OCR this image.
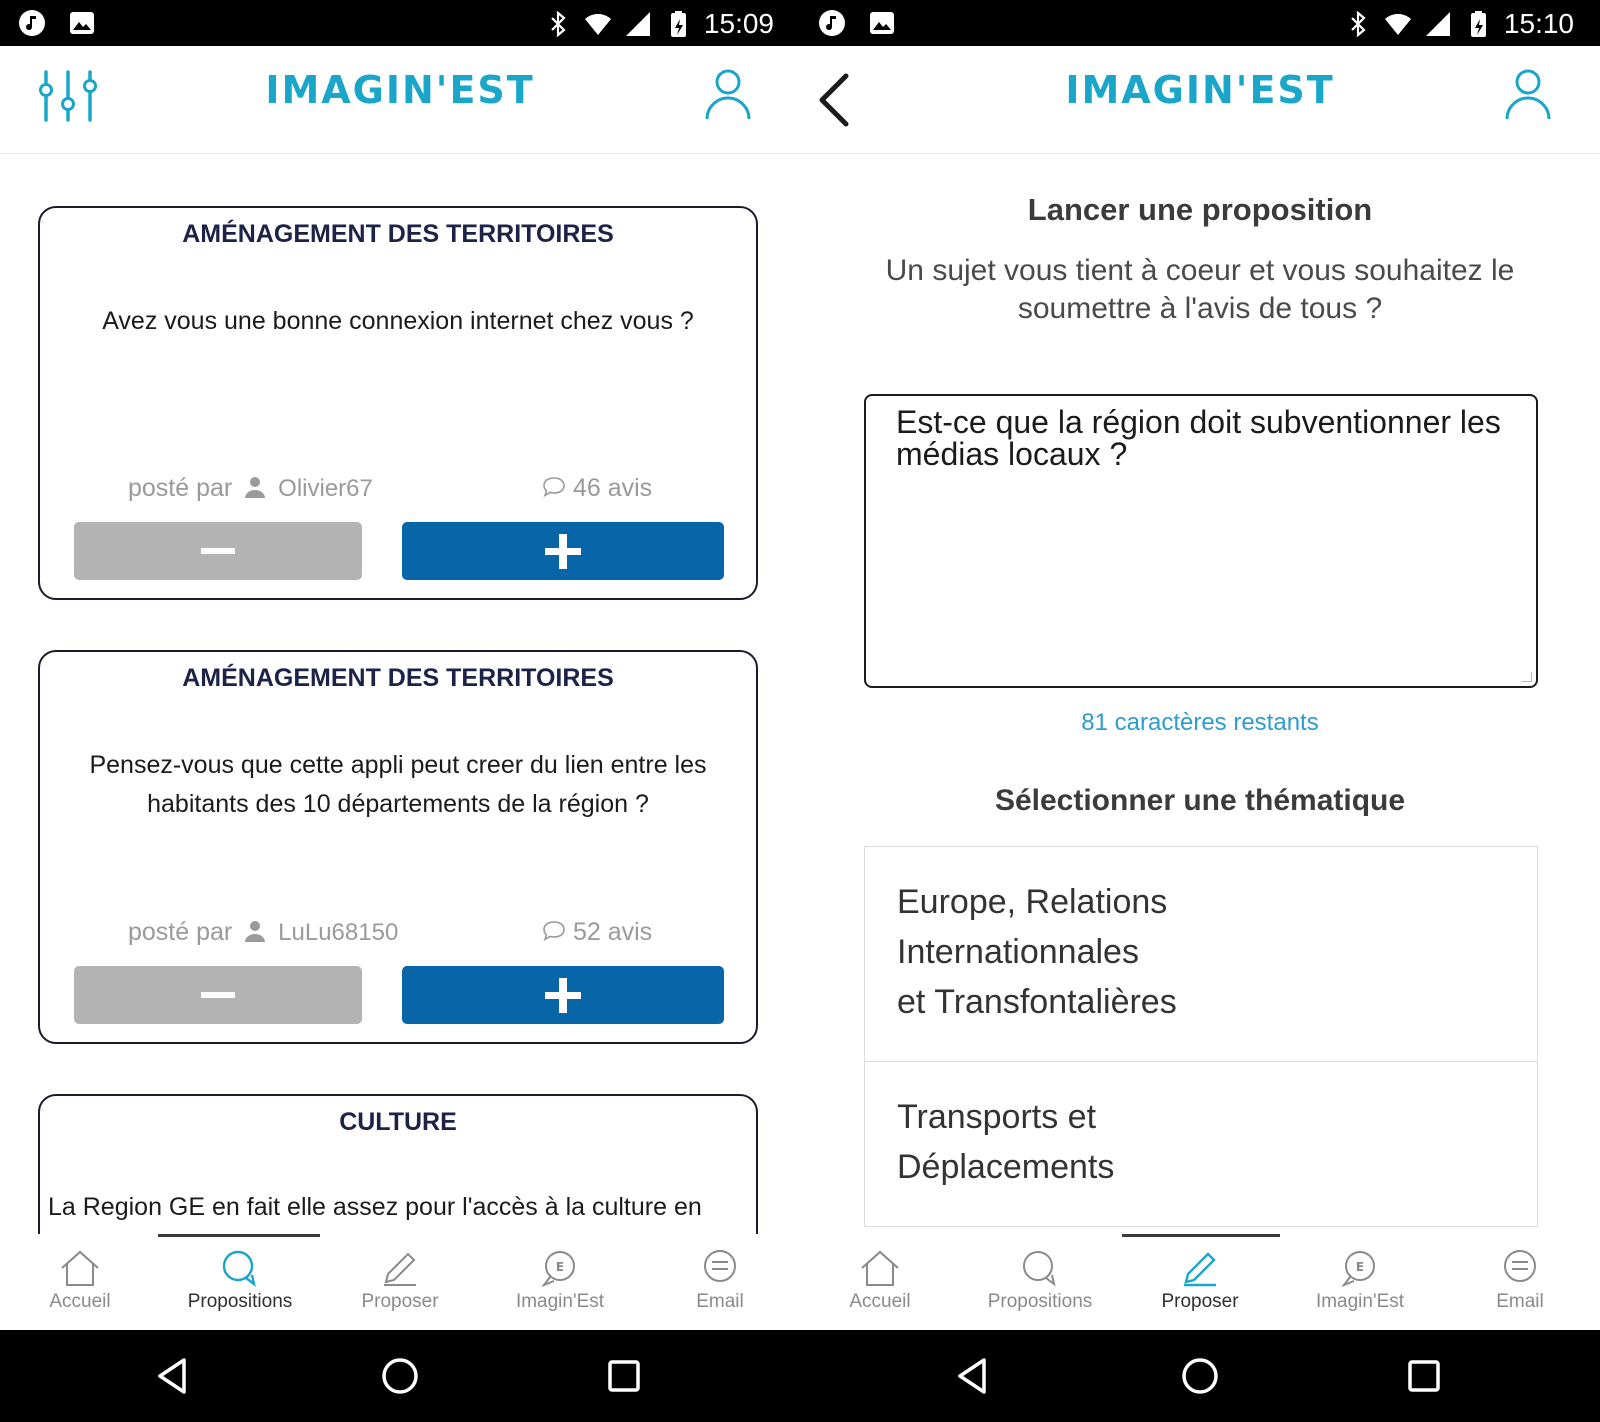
15:09
IMAGIN'EST
AMÉNAGEMENT DES TERRITOIRES
Avez vous une bonne connexion internet chez vous ?
posté par Olivier67	46 avis
AMÉNAGEMENT DES TERRITOIRES
Pensez-vous que cette appli peut creer du lien entre les habitants des 10 départements de la région ?
posté par LuLu68150	52 avis
CULTURE
La Region GE en fait elle assez pour l'accès à la culture en
Accueil	Propositions	Proposer
E
Imagin'Est	Email
15:10
IMAGIN'EST
Lancer une proposition
Un sujet vous tient à coeur et vous souhaitez le soumettre à l'avis de tous ?
Est-ce que la région doit subventionner les médias locaux ?
81 caractères restants
Sélectionner une thématique
Europe, Relations
Internationnales
et Transfontalières
Transports et
Déplacements
Accueil	Propositions	Proposer
E
Imagin'Est	Email
